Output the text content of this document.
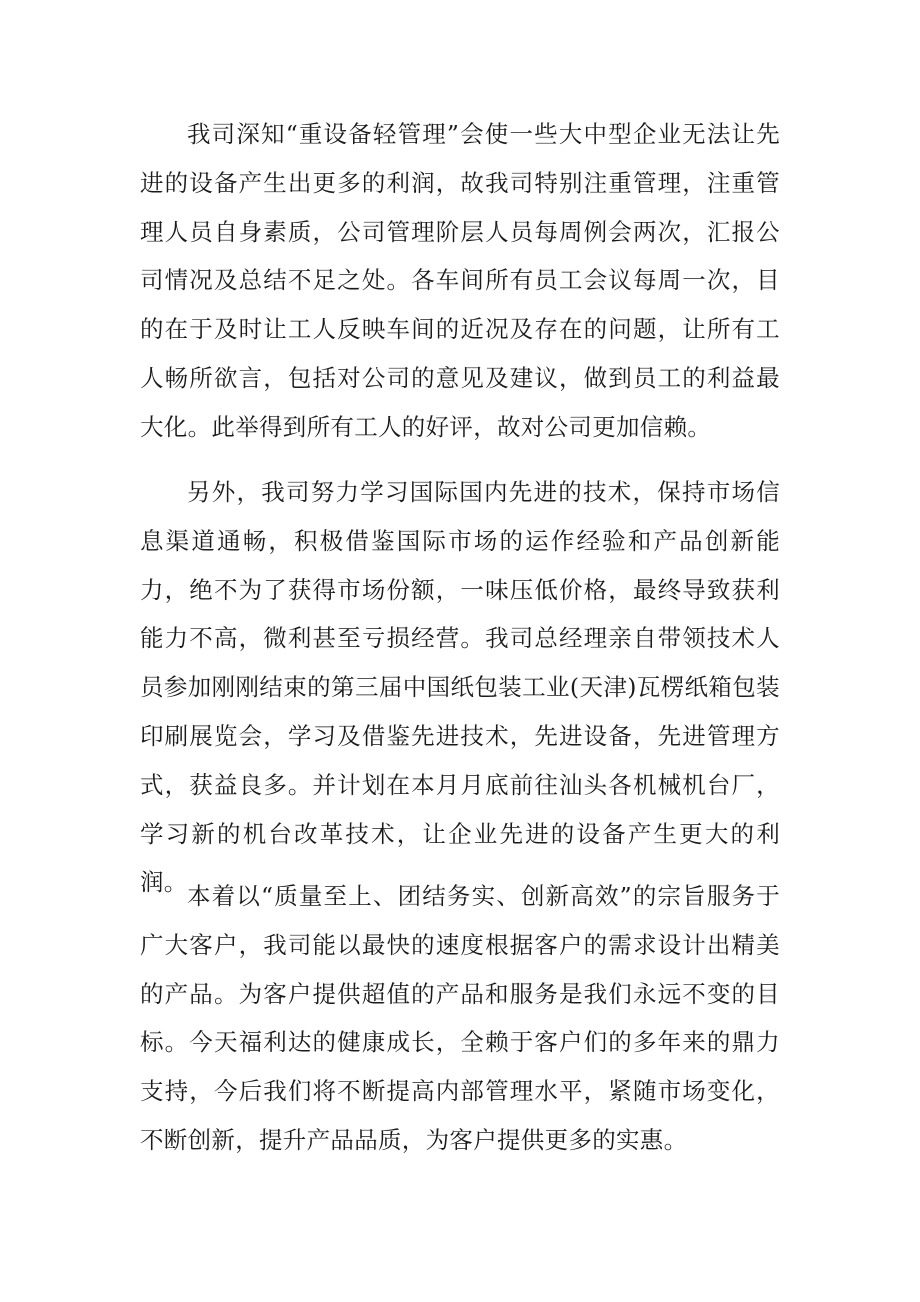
我司深知“重设备轻管理”会使一些大中型企业无法让先进的设备产生出更多的利润，故我司特别注重管理，注重管理人员自身素质，公司管理阶层人员每周例会两次，汇报公司情况及总结不足之处。各车间所有员工会议每周一次，目的在于及时让工人反映车间的近况及存在的问题，让所有工人畅所欲言，包括对公司的意见及建议，做到员工的利益最大化。此举得到所有工人的好评，故对公司更加信赖。

另外，我司努力学习国际国内先进的技术，保持市场信息渠道通畅，积极借鉴国际市场的运作经验和产品创新能力，绝不为了获得市场份额，一味压低价格，最终导致获利能力不高，微利甚至亏损经营。我司总经理亲自带领技术人员参加刚刚结束的第三届中国纸包装工业(天津)瓦楞纸箱包装印刷展览会，学习及借鉴先进技术，先进设备，先进管理方式，获益良多。并计划在本月月底前往汕头各机械机台厂，学习新的机台改革技术，让企业先进的设备产生更大的利润。 本着以“质量至上、团结务实、创新高效”的宗旨服务于广大客户，我司能以最快的速度根据客户的需求设计出精美的产品。为客户提供超值的产品和服务是我们永远不变的目标。今天福利达的健康成长，全赖于客户们的多年来的鼎力支持，今后我们将不断提高内部管理水平，紧随市场变化，不断创新，提升产品品质，为客户提供更多的实惠。
